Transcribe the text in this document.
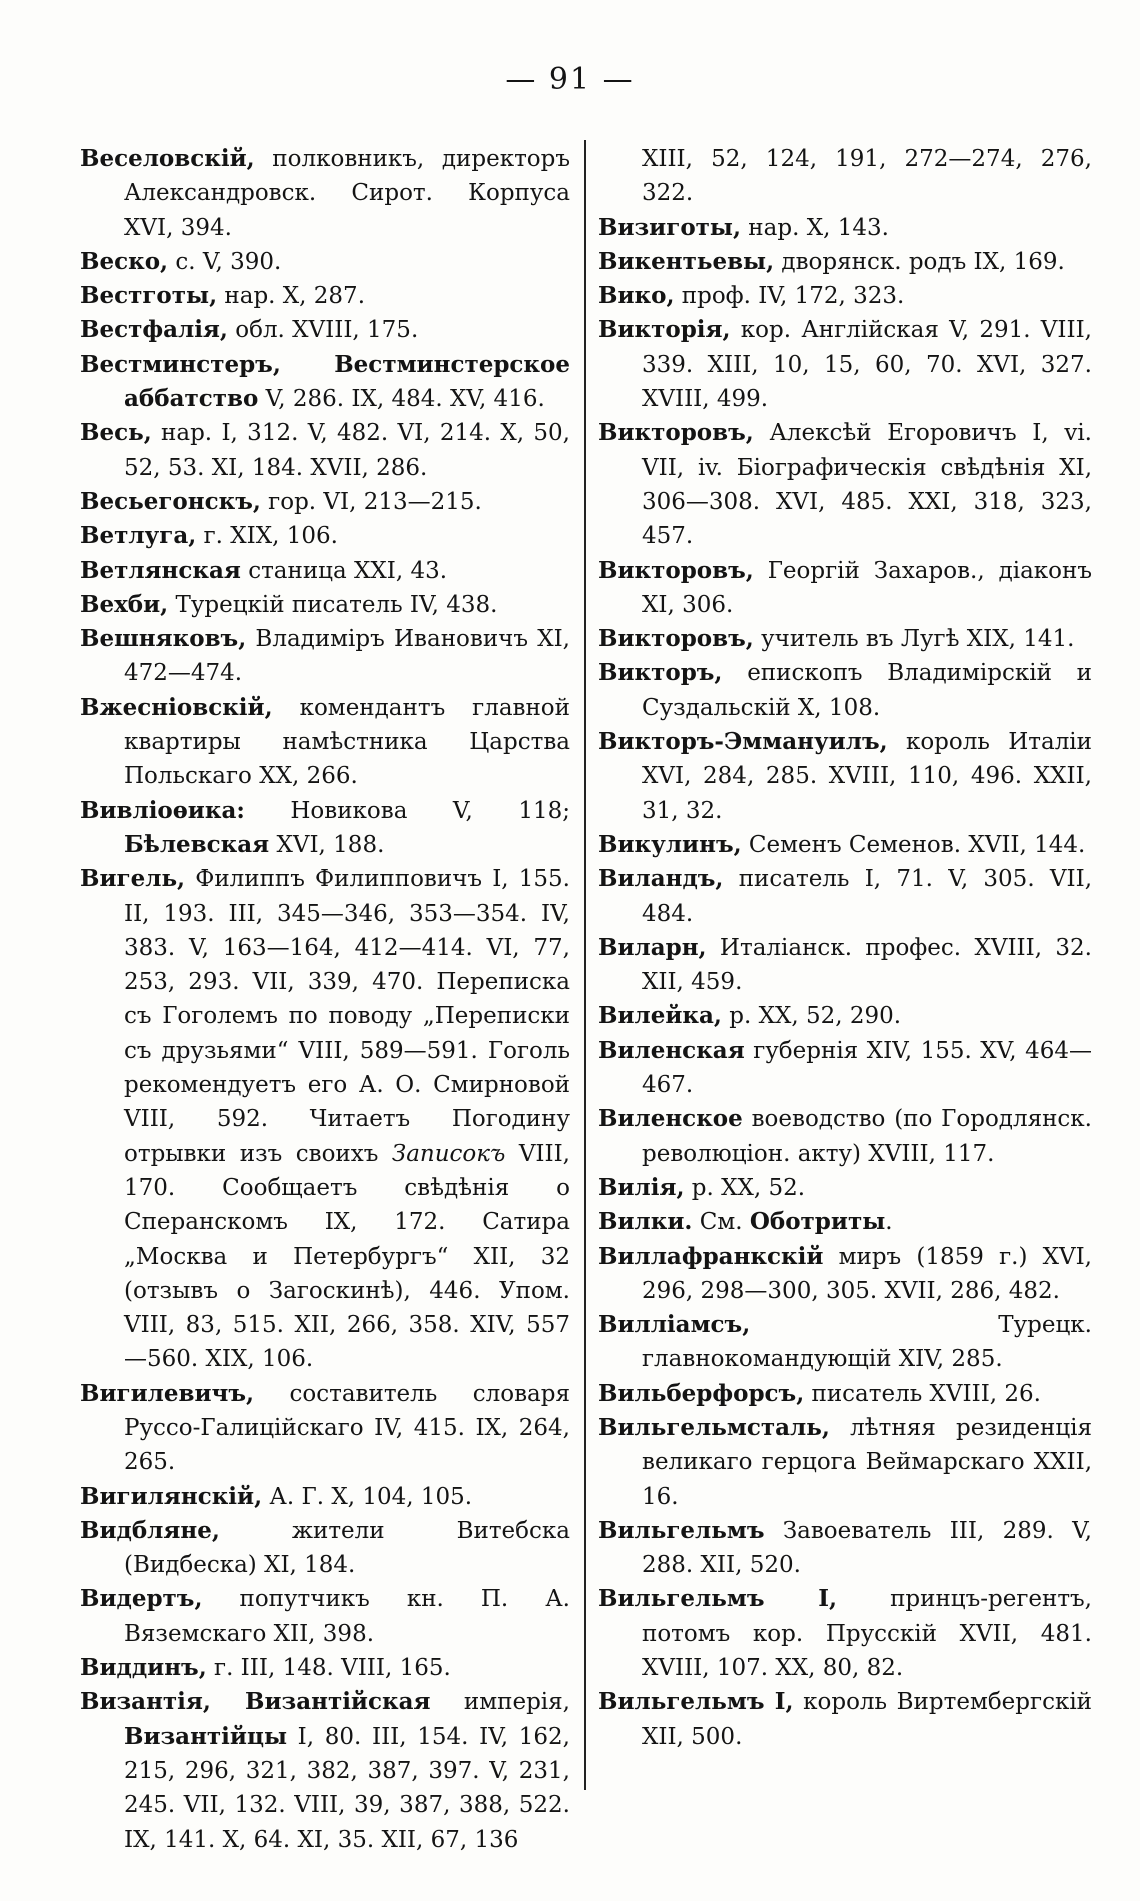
— 91 —

Веселовскій, полковникъ, директоръ Александровск. Сирот. Корпуса XVI, 394.

Веско, с. V, 390.

Вестготы, нар. X, 287.

Вестфалія, обл. XVIII, 175.

Вестминстеръ, Вестминстерское аббатство V, 286. IX, 484. XV, 416.

Весь, нар. I, 312. V, 482. VI, 214. X, 50, 52, 53. XI, 184. XVII, 286.

Весьегонскъ, гор. VI, 213—215.

Ветлуга, г. XIX, 106.

Ветлянская станица XXI, 43.

Вехби, Турецкій писатель IV, 438.

Вешняковъ, Владиміръ Ивановичъ XI, 472—474.

Вжесніовскій, комендантъ главной квартиры намѣстника Царства Польскаго XX, 266.

Вивліоѳика: Новикова V, 118; Бѣлевская XVI, 188.

Вигель, Филиппъ Филипповичъ I, 155. II, 193. III, 345—346, 353—354. IV, 383. V, 163—164, 412—414. VI, 77, 253, 293. VII, 339, 470. Переписка съ Гоголемъ по поводу „Переписки съ друзьями“ VIII, 589—591. Гоголь рекомендуетъ его А. О. Смирновой VIII, 592. Читаетъ Погодину отрывки изъ своихъ Записокъ VIII, 170. Сообщаетъ свѣдѣнія о Сперанскомъ IX, 172. Сатира „Москва и Петербургъ“ XII, 32 (отзывъ о Загоскинѣ), 446. Упом. VIII, 83, 515. XII, 266, 358. XIV, 557—560. XIX, 106.

Вигилевичъ, составитель словаря Руссо-Галиційскаго IV, 415. IX, 264, 265.

Вигилянскій, А. Г. X, 104, 105.

Видбляне, жители Витебска (Видбеска) XI, 184.

Видертъ, попутчикъ кн. П. А. Вяземскаго XII, 398.

Виддинъ, г. III, 148. VIII, 165.

Византія, Византійская имперія, Византійцы I, 80. III, 154. IV, 162, 215, 296, 321, 382, 387, 397. V, 231, 245. VII, 132. VIII, 39, 387, 388, 522. IX, 141. X, 64. XI, 35. XII, 67, 136

XIII, 52, 124, 191, 272—274, 276, 322.

Визиготы, нар. X, 143.

Викентьевы, дворянск. родъ IX, 169.

Вико, проф. IV, 172, 323.

Викторія, кор. Англійская V, 291. VIII, 339. XIII, 10, 15, 60, 70. XVI, 327. XVIII, 499.

Викторовъ, Алексѣй Егоровичъ I, vi. VII, iv. Біографическія свѣдѣнія XI, 306—308. XVI, 485. XXI, 318, 323, 457.

Викторовъ, Георгій Захаров., діаконъ XI, 306.

Викторовъ, учитель въ Лугѣ XIX, 141.

Викторъ, епископъ Владимірскій и Суздальскій X, 108.

Викторъ-Эммануилъ, король Италіи XVI, 284, 285. XVIII, 110, 496. XXII, 31, 32.

Викулинъ, Семенъ Семенов. XVII, 144.

Виландъ, писатель I, 71. V, 305. VII, 484.

Виларн, Италіанск. профес. XVIII, 32. XII, 459.

Вилейка, р. XX, 52, 290.

Виленская губернія XIV, 155. XV, 464—467.

Виленское воеводство (по Городлянск. революціон. акту) XVIII, 117.

Вилія, р. XX, 52.

Вилки. См. Оботриты.

Виллафранкскій миръ (1859 г.) XVI, 296, 298—300, 305. XVII, 286, 482.

Вилліамсъ, Турецк. главнокомандующій XIV, 285.

Вильберфорсъ, писатель XVIII, 26.

Вильгельмсталь, лѣтняя резиденція великаго герцога Веймарскаго XXII, 16.

Вильгельмъ Завоеватель III, 289. V, 288. XII, 520.

Вильгельмъ I, принцъ-регентъ, потомъ кор. Прусскій XVII, 481. XVIII, 107. XX, 80, 82.

Вильгельмъ I, король Виртембергскій XII, 500.
